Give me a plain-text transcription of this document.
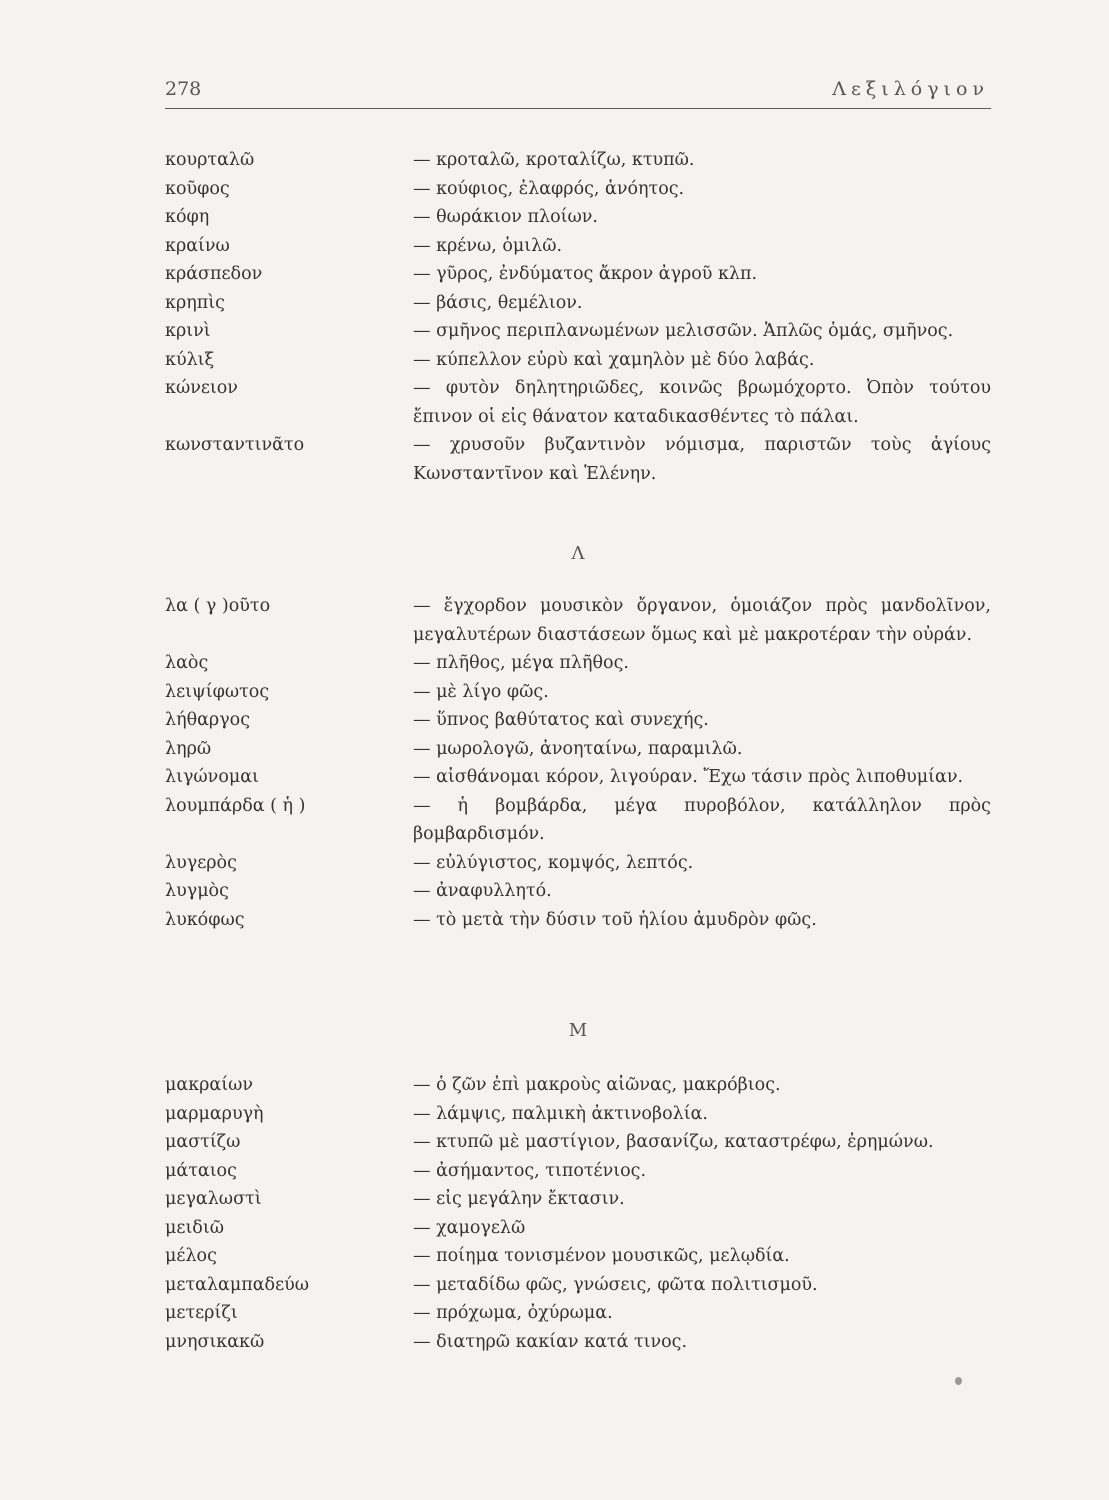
278	Λεξιλόγιον
κουρταλῶ	— κροταλῶ, κροταλίζω, κτυπῶ.
κοῦφος	— κούφιος, ἐλαφρός, ἀνόητος.
κόφη	— θωράκιον πλοίων.
κραίνω	— κρένω, ὁμιλῶ.
κράσπεδον	— γῦρος, ἐνδύματος ἄκρον ἀγροῦ κλπ.
κρηπὶς	— βάσις, θεμέλιον.
κρινὶ	— σμῆνος περιπλανωμένων μελισσῶν. Ἁπλῶς ὁμάς, σμῆνος.
κύλιξ	— κύπελλον εὐρὺ καὶ χαμηλὸν μὲ δύο λαβάς.
κώνειον	— φυτὸν δηλητηριῶδες, κοινῶς βρωμόχορτο. Ὀπὸν τούτου ἔπινον οἱ εἰς θάνατον καταδικασθέντες τὸ πάλαι.
κωνσταντινᾶτο	— χρυσοῦν βυζαντινὸν νόμισμα, παριστῶν τοὺς ἁγίους Κωνσταντῖνον καὶ Ἑλένην.
Λ
λα ( γ )οῦτο	— ἔγχορδον μουσικὸν ὄργανον, ὁμοιάζον πρὸς μανδολῖνον, μεγαλυτέρων διαστάσεων ὅμως καὶ μὲ μακροτέραν τὴν οὐράν.
λαὸς	— πλῆθος, μέγα πλῆθος.
λειψίφωτος	— μὲ λίγο φῶς.
λήθαργος	— ὕπνος βαθύτατος καὶ συνεχής.
ληρῶ	— μωρολογῶ, ἀνοηταίνω, παραμιλῶ.
λιγώνομαι	— αἰσθάνομαι κόρον, λιγούραν. Ἔχω τάσιν πρὸς λιποθυμίαν.
λουμπάρδα ( ἡ )	— ἡ βομβάρδα, μέγα πυροβόλον, κατάλληλον πρὸς βομβαρδισμόν.
λυγερὸς	— εὐλύγιστος, κομψός, λεπτός.
λυγμὸς	— ἀναφυλλητό.
λυκόφως	— τὸ μετὰ τὴν δύσιν τοῦ ἡλίου ἀμυδρὸν φῶς.
Μ
μακραίων	— ὁ ζῶν ἐπὶ μακροὺς αἰῶνας, μακρόβιος.
μαρμαρυγὴ	— λάμψις, παλμικὴ ἀκτινοβολία.
μαστίζω	— κτυπῶ μὲ μαστίγιον, βασανίζω, καταστρέφω, ἐρημώνω.
μάταιος	— ἀσήμαντος, τιποτένιος.
μεγαλωστὶ	— εἰς μεγάλην ἔκτασιν.
μειδιῶ	— χαμογελῶ
μέλος	— ποίημα τονισμένον μουσικῶς, μελῳδία.
μεταλαμπαδεύω	— μεταδίδω φῶς, γνώσεις, φῶτα πολιτισμοῦ.
μετερίζι	— πρόχωμα, ὀχύρωμα.
μνησικακῶ	— διατηρῶ κακίαν κατά τινος.
